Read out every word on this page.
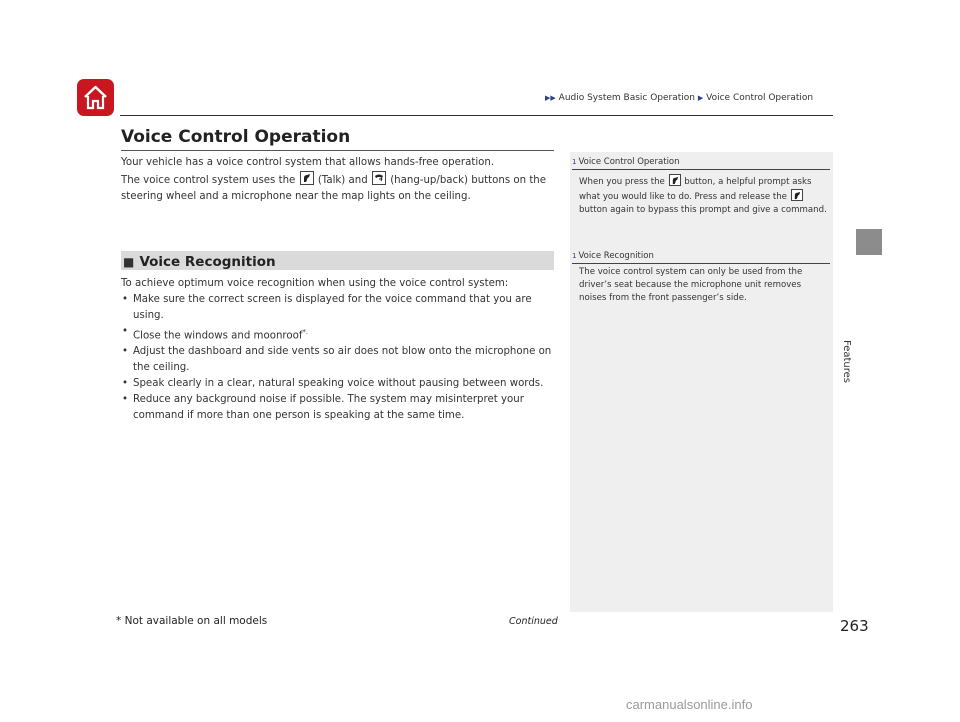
▶▶ Audio System Basic Operation ▶ Voice Control Operation
Features
Voice Control Operation
Your vehicle has a voice control system that allows hands-free operation.
The voice control system uses the (Talk) and (hang-up/back) buttons on the
steering wheel and a microphone near the map lights on the ceiling.
■ Voice Recognition
To achieve optimum voice recognition when using the voice control system:
• Make sure the correct screen is displayed for the voice command that you are using.
• Close the windows and moonroof*.
• Adjust the dashboard and side vents so air does not blow onto the microphone on the ceiling.
• Speak clearly in a clear, natural speaking voice without pausing between words.
• Reduce any background noise if possible. The system may misinterpret your command if more than one person is speaking at the same time.
1 Voice Control Operation
When you press the button, a helpful prompt asks what you would like to do. Press and release the
button again to bypass this prompt and give a command.
1 Voice Recognition
The voice control system can only be used from the driver’s seat because the microphone unit removes noises from the front passenger’s side.
* Not available on all models	Continued	263
carmanualsonline.info
